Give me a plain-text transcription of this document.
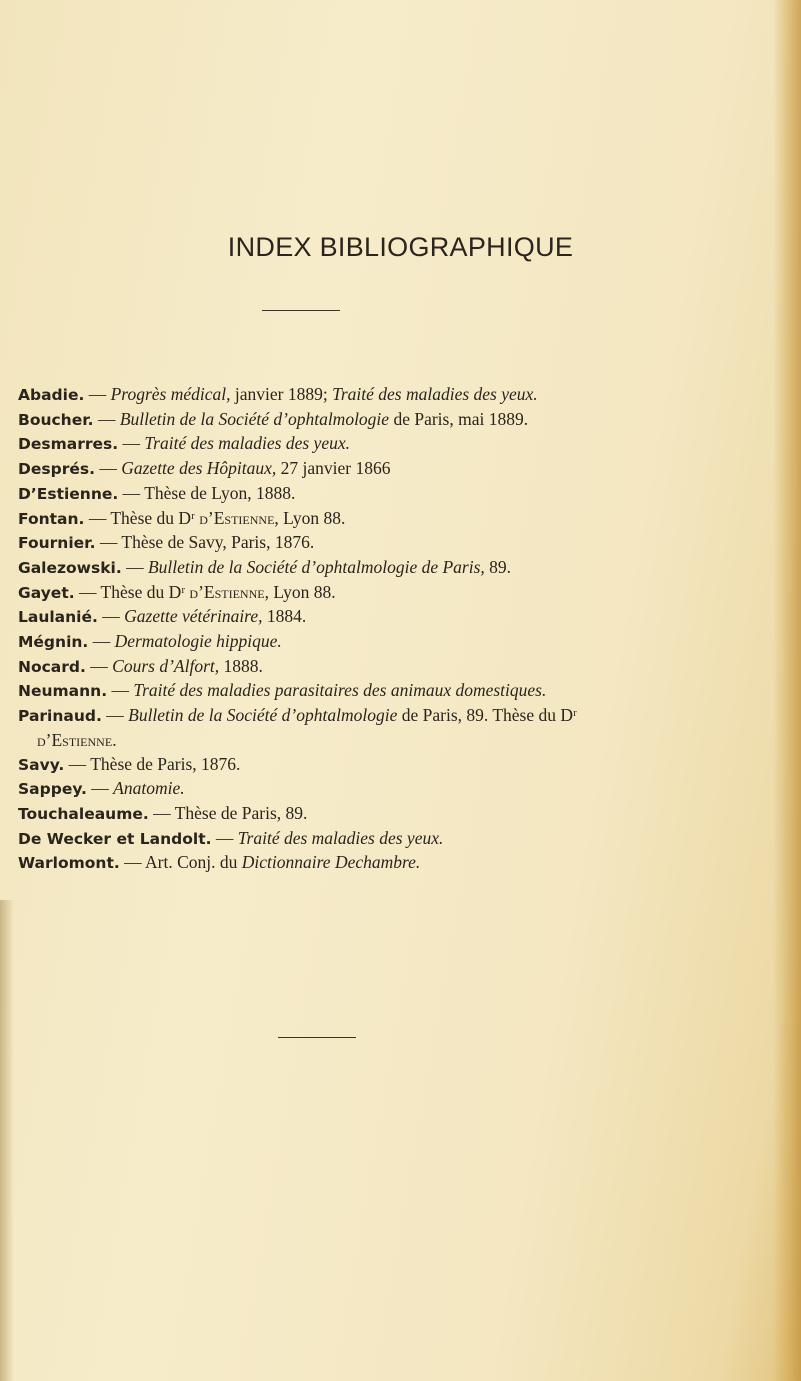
INDEX BIBLIOGRAPHIQUE
Abadie. — Progrès médical, janvier 1889; Traité des maladies des yeux.
Boucher. — Bulletin de la Société d’ophtalmologie de Paris, mai 1889.
Desmarres. — Traité des maladies des yeux.
Després. — Gazette des Hôpitaux, 27 janvier 1866
D’Estienne. — Thèse de Lyon, 1888.
Fontan. — Thèse du Dʳ d’Estienne, Lyon 88.
Fournier. — Thèse de Savy, Paris, 1876.
Galezowski. — Bulletin de la Société d’ophtalmologie de Paris, 89.
Gayet. — Thèse du Dʳ d’Estienne, Lyon 88.
Laulanié. — Gazette vétérinaire, 1884.
Mégnin. — Dermatologie hippique.
Nocard. — Cours d’Alfort, 1888.
Neumann. — Traité des maladies parasitaires des animaux domestiques.
Parinaud. — Bulletin de la Société d’ophtalmologie de Paris, 89. Thèse du Dʳ d’Estienne.
Savy. — Thèse de Paris, 1876.
Sappey. — Anatomie.
Touchaleaume. — Thèse de Paris, 89.
De Wecker et Landolt. — Traité des maladies des yeux.
Warlomont. — Art. Conj. du Dictionnaire Dechambre.
